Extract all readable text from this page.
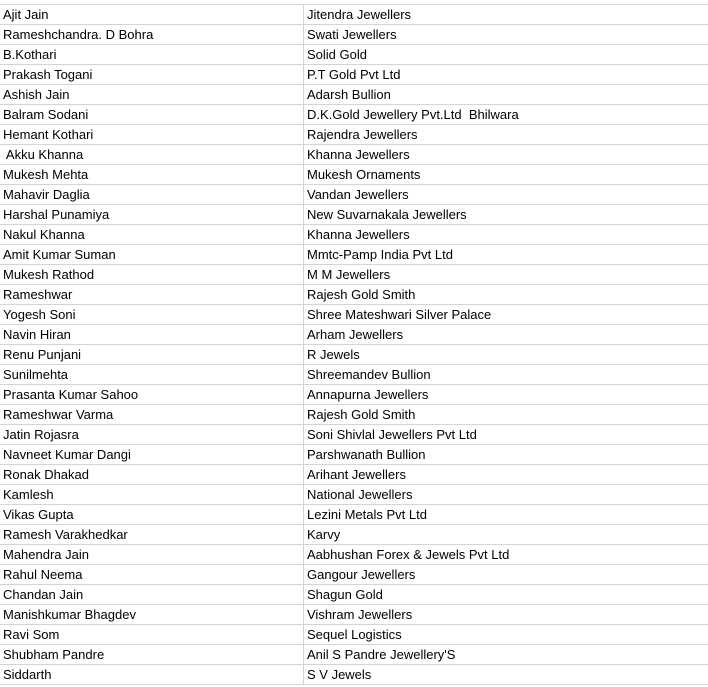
Ajit Jain	Jitendra Jewellers
Rameshchandra. D Bohra	Swati Jewellers
B.Kothari	Solid Gold
Prakash Togani	P.T Gold Pvt Ltd
Ashish Jain	Adarsh Bullion
Balram Sodani	D.K.Gold Jewellery Pvt.Ltd  Bhilwara
Hemant Kothari	Rajendra Jewellers
Akku Khanna	Khanna Jewellers
Mukesh Mehta	Mukesh Ornaments
Mahavir Daglia	Vandan Jewellers
Harshal Punamiya	New Suvarnakala Jewellers
Nakul Khanna	Khanna Jewellers
Amit Kumar Suman	Mmtc-Pamp India Pvt Ltd
Mukesh Rathod	M M Jewellers
Rameshwar	Rajesh Gold Smith
Yogesh Soni	Shree Mateshwari Silver Palace
Navin Hiran	Arham Jewellers
Renu Punjani	R Jewels
Sunilmehta	Shreemandev Bullion
Prasanta Kumar Sahoo	Annapurna Jewellers
Rameshwar Varma	Rajesh Gold Smith
Jatin Rojasra	Soni Shivlal Jewellers Pvt Ltd
Navneet Kumar Dangi	Parshwanath Bullion
Ronak Dhakad	Arihant Jewellers
Kamlesh	National Jewellers
Vikas Gupta	Lezini Metals Pvt Ltd
Ramesh Varakhedkar	Karvy
Mahendra Jain	Aabhushan Forex & Jewels Pvt Ltd
Rahul Neema	Gangour Jewellers
Chandan Jain	Shagun Gold
Manishkumar Bhagdev	Vishram Jewellers
Ravi Som	Sequel Logistics
Shubham Pandre	Anil S Pandre Jewellery'S
Siddarth	S V Jewels
